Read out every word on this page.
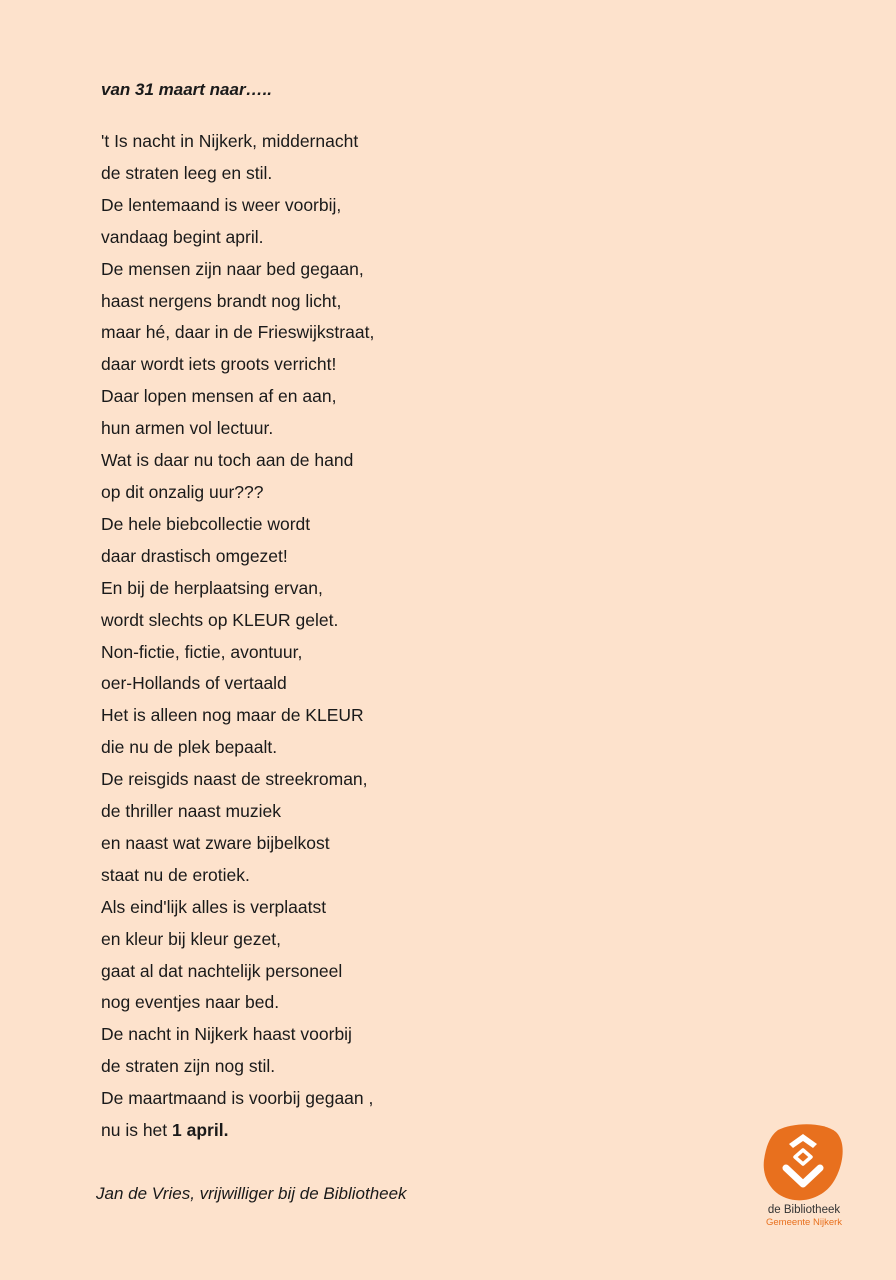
van 31 maart naar…..
't Is nacht in Nijkerk, middernacht
de straten leeg en stil.
De lentemaand is weer voorbij,
vandaag begint april.
De mensen zijn naar bed gegaan,
haast nergens brandt nog licht,
maar hé, daar in de Frieswijkstraat,
daar wordt iets groots verricht!
Daar lopen mensen af en aan,
hun armen vol lectuur.
Wat is daar nu toch aan de hand
op dit onzalig uur???
De hele biebcollectie wordt
daar drastisch omgezet!
En bij de herplaatsing ervan,
wordt slechts op KLEUR gelet.
Non-fictie, fictie, avontuur,
oer-Hollands of vertaald
Het is alleen nog maar de KLEUR
die nu de plek bepaalt.
De reisgids naast de streekroman,
de thriller naast muziek
en naast wat zware bijbelkost
staat nu de erotiek.
Als eind'lijk alles is verplaatst
en kleur bij kleur gezet,
gaat al dat nachtelijk personeel
nog eventjes naar bed.
De nacht in Nijkerk haast voorbij
de straten zijn nog stil.
De maartmaand is voorbij gegaan ,
nu is het 1 april.
Jan de Vries, vrijwilliger bij de Bibliotheek
de Bibliotheek
Gemeente Nijkerk
